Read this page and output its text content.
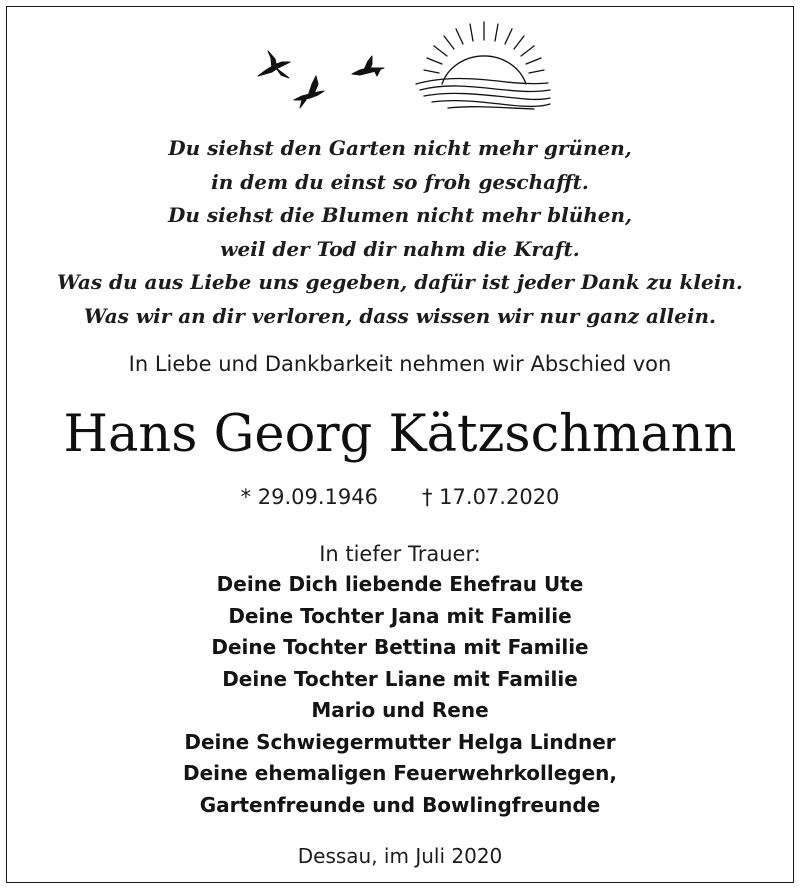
Du siehst den Garten nicht mehr grünen,
in dem du einst so froh geschafft.
Du siehst die Blumen nicht mehr blühen,
weil der Tod dir nahm die Kraft.
Was du aus Liebe uns gegeben, dafür ist jeder Dank zu klein.
Was wir an dir verloren, dass wissen wir nur ganz allein.
In Liebe und Dankbarkeit nehmen wir Abschied von
Hans Georg Kätzschmann
* 29.09.1946 † 17.07.2020
In tiefer Trauer:
Deine Dich liebende Ehefrau Ute
Deine Tochter Jana mit Familie
Deine Tochter Bettina mit Familie
Deine Tochter Liane mit Familie
Mario und Rene
Deine Schwiegermutter Helga Lindner
Deine ehemaligen Feuerwehrkollegen,
Gartenfreunde und Bowlingfreunde
Dessau, im Juli 2020
